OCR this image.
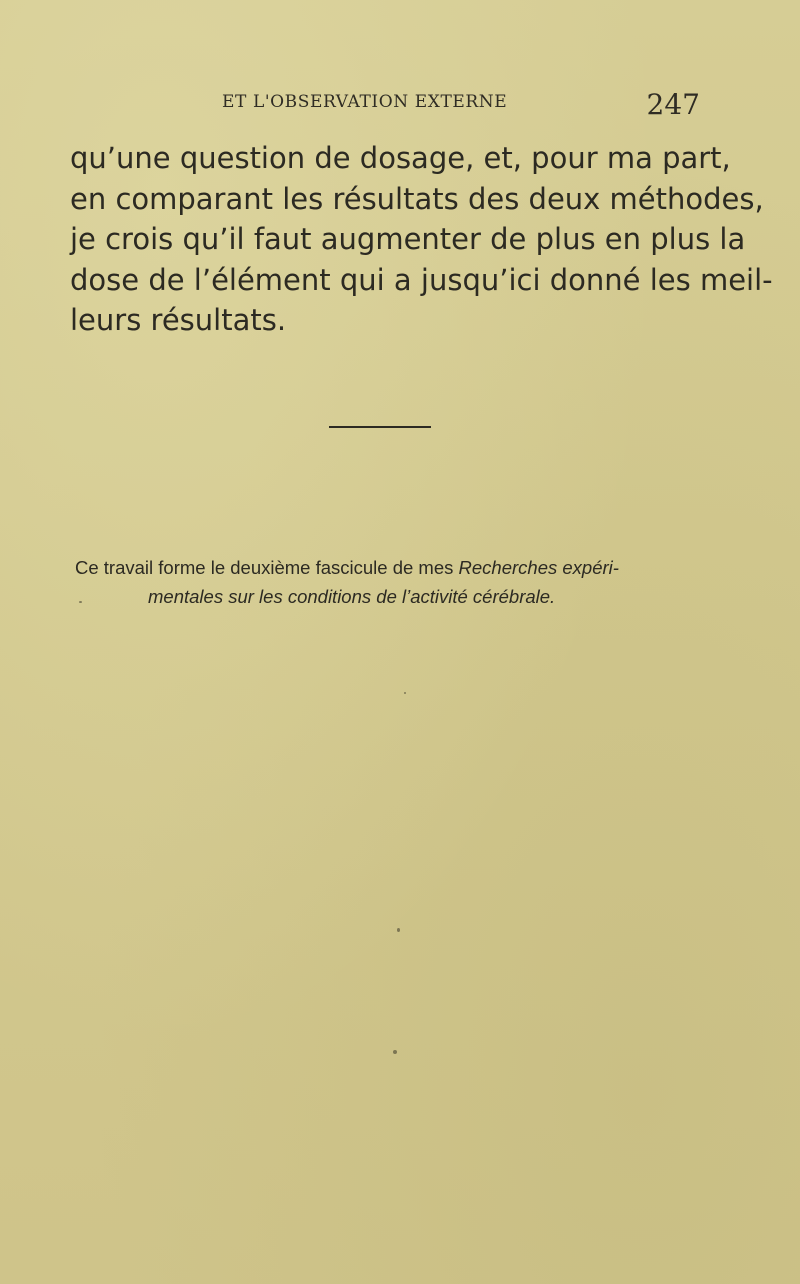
ET L'OBSERVATION EXTERNE	247
qu’une question de dosage, et, pour ma part,
en comparant les résultats des deux méthodes,
je crois qu’il faut augmenter de plus en plus la
dose de l’élément qui a jusqu’ici donné les meil-
leurs résultats.
Ce travail forme le deuxième fascicule de mes Recherches expéri-
mentales sur les conditions de l’activité cérébrale.
